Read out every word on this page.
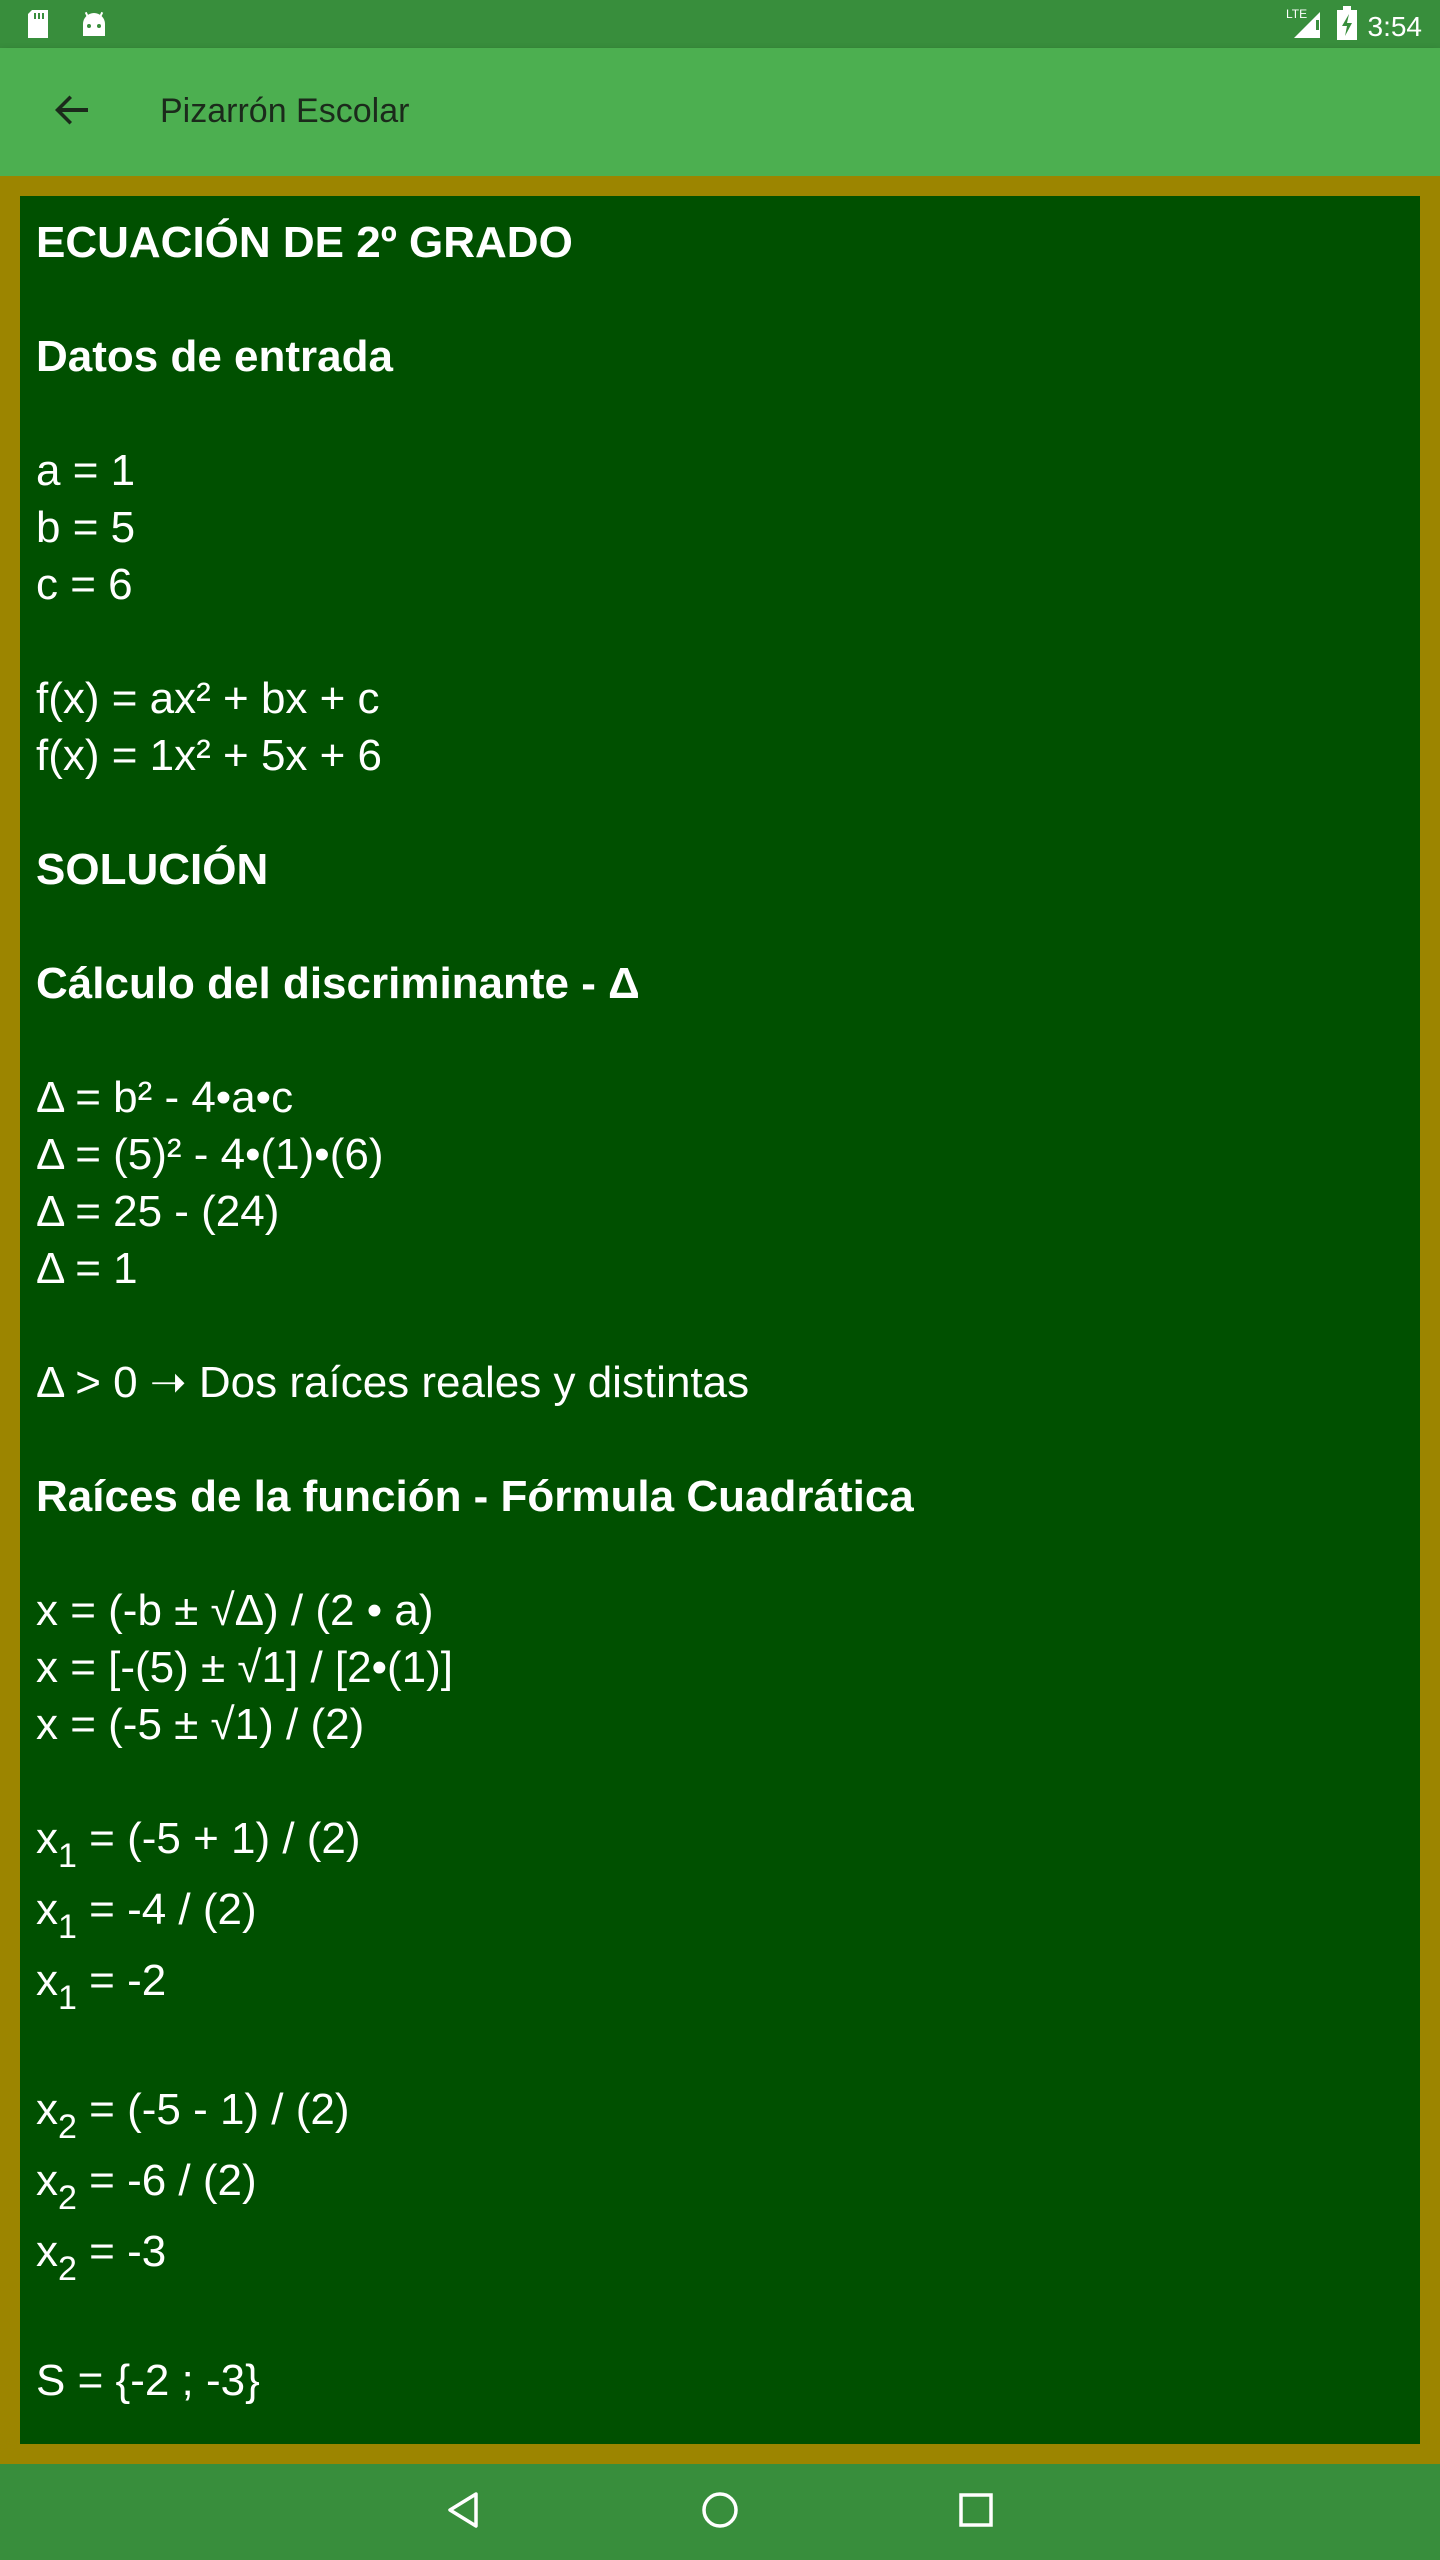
LTE 3:54
Pizarrón Escolar
ECUACIÓN DE 2º GRADO
Datos de entrada
a = 1
b = 5
c = 6
f(x) = ax² + bx + c
f(x) = 1x² + 5x + 6
SOLUCIÓN
Cálculo del discriminante - Δ
Δ = b² - 4•a•c
Δ = (5)² - 4•(1)•(6)
Δ = 25 - (24)
Δ = 1
Δ > 0 ➝ Dos raíces reales y distintas
Raíces de la función - Fórmula Cuadrática
x = (-b ± √Δ) / (2 • a)
x = [-(5) ± √1] / [2•(1)]
x = (-5 ± √1) / (2)
$x_1 = (-5 + 1) / (2)$
$x_1 = -4 / (2)$
$x_1 = -2$
$x_2 = (-5 - 1) / (2)$
$x_2 = -6 / (2)$
$x_2 = -3$
S = {-2 ; -3}
